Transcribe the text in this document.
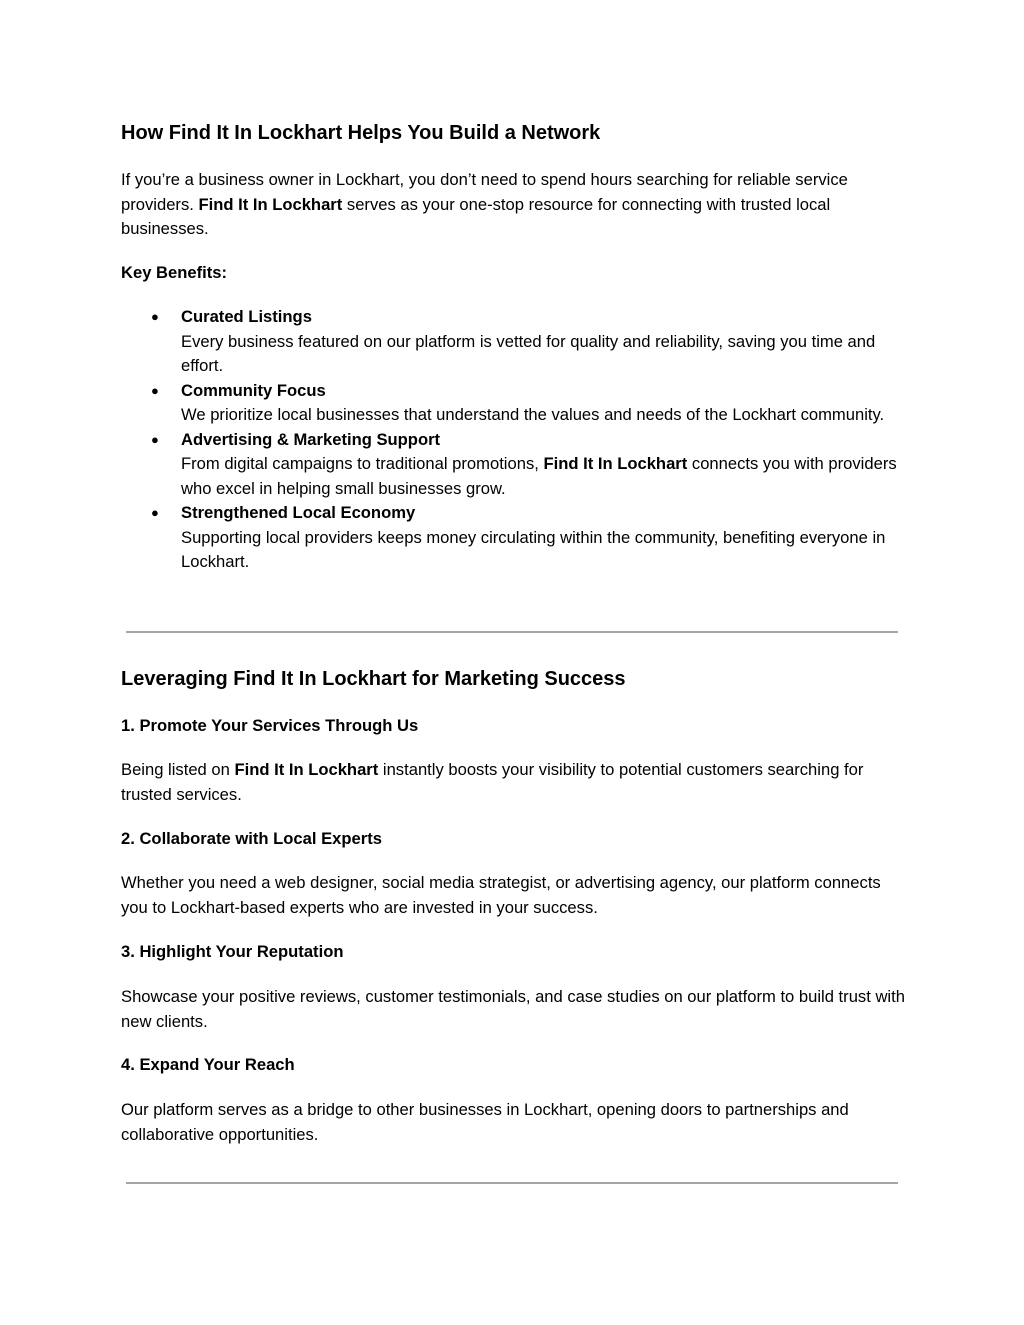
How Find It In Lockhart Helps You Build a Network

If you’re a business owner in Lockhart, you don’t need to spend hours searching for reliable service providers. Find It In Lockhart serves as your one-stop resource for connecting with trusted local businesses.

Key Benefits:

● Curated Listings
Every business featured on our platform is vetted for quality and reliability, saving you time and effort.
● Community Focus
We prioritize local businesses that understand the values and needs of the Lockhart community.
● Advertising & Marketing Support
From digital campaigns to traditional promotions, Find It In Lockhart connects you with providers who excel in helping small businesses grow.
● Strengthened Local Economy
Supporting local providers keeps money circulating within the community, benefiting everyone in Lockhart.
Leveraging Find It In Lockhart for Marketing Success

1. Promote Your Services Through Us

Being listed on Find It In Lockhart instantly boosts your visibility to potential customers searching for trusted services.

2. Collaborate with Local Experts

Whether you need a web designer, social media strategist, or advertising agency, our platform connects you to Lockhart-based experts who are invested in your success.

3. Highlight Your Reputation

Showcase your positive reviews, customer testimonials, and case studies on our platform to build trust with new clients.

4. Expand Your Reach

Our platform serves as a bridge to other businesses in Lockhart, opening doors to partnerships and collaborative opportunities.
